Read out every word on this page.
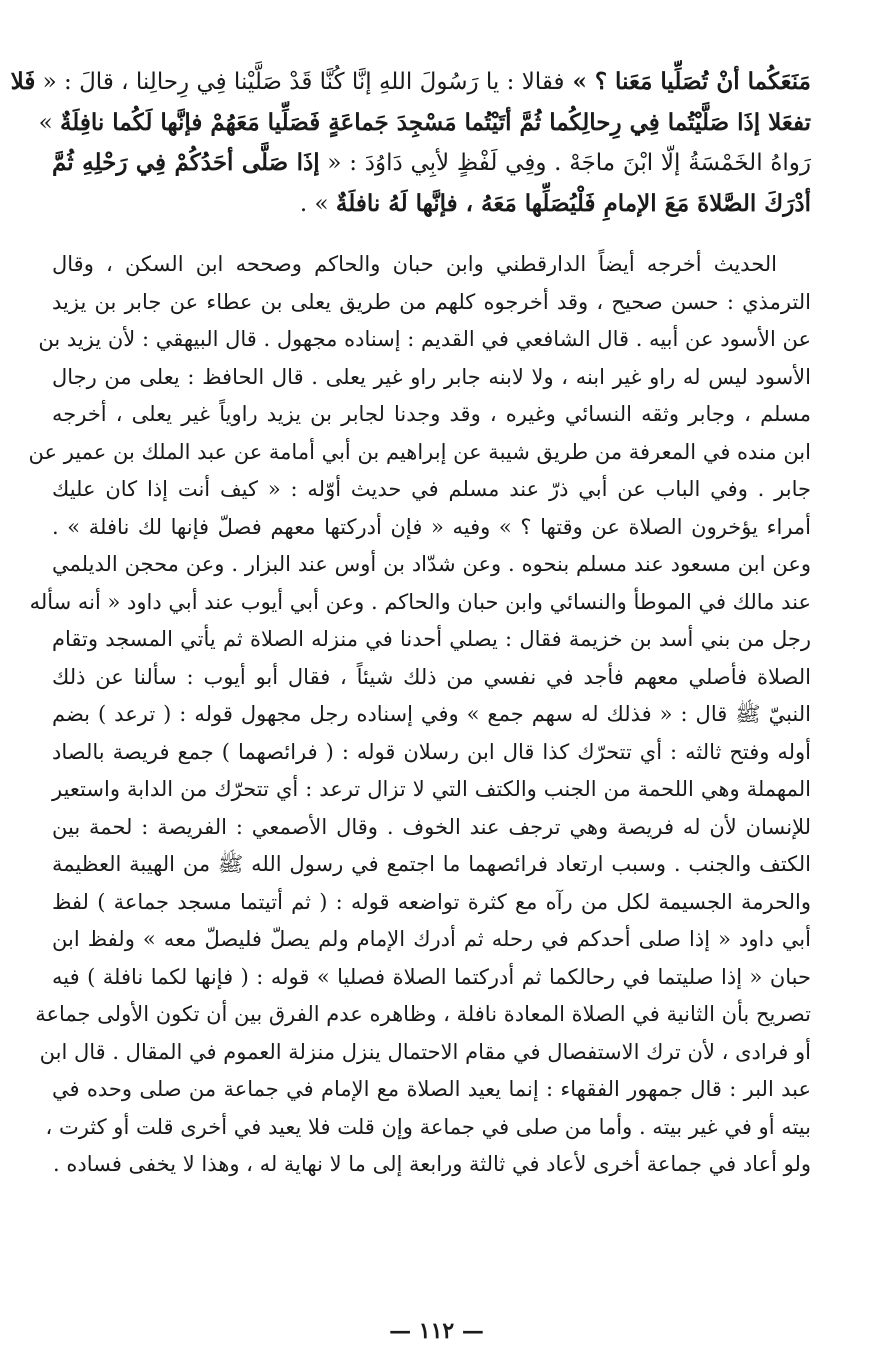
مَنَعَكُما أنْ تُصَلِّيا مَعَنا ؟ » فقالا : يا رَسُولَ اللهِ إنَّا كُنَّا قَدْ صَلَّيْنا فِي رِحالِنا ، قالَ : « فَلا
تفعَلا إذَا صَلَّيْتُما فِي رِحالِكُما ثُمَّ أتَيْتُما مَسْجِدَ جَماعَةٍ فَصَلِّيا مَعَهُمْ فإنَّها لَكُما نافِلَةٌ »
رَواهُ الخَمْسَةُ إلّا ابْنَ ماجَهْ . وفِي لَفْظٍ لأبِي دَاوُدَ : « إذَا صَلَّى أحَدُكُمْ فِي رَحْلِهِ ثُمَّ
أدْرَكَ الصَّلاةَ مَعَ الإمامِ فَلْيُصَلِّها مَعَهُ ، فإنَّها لَهُ نافلَةٌ » .
الحديث أخرجه أيضاً الدارقطني وابن حبان والحاكم وصححه ابن السكن ، وقال
الترمذي : حسن صحيح ، وقد أخرجوه كلهم من طريق يعلى بن عطاء عن جابر بن يزيد
عن الأسود عن أبيه . قال الشافعي في القديم : إسناده مجهول . قال البيهقي : لأن يزيد بن
الأسود ليس له راو غير ابنه ، ولا لابنه جابر راو غير يعلى . قال الحافظ : يعلى من رجال
مسلم ، وجابر وثقه النسائي وغيره ، وقد وجدنا لجابر بن يزيد راوياً غير يعلى ، أخرجه
ابن منده في المعرفة من طريق شيبة عن إبراهيم بن أبي أمامة عن عبد الملك بن عمير عن
جابر . وفي الباب عن أبي ذرّ عند مسلم في حديث أوّله : « كيف أنت إذا كان عليك
أمراء يؤخرون الصلاة عن وقتها ؟ » وفيه « فإن أدركتها معهم فصلّ فإنها لك نافلة » .
وعن ابن مسعود عند مسلم بنحوه . وعن شدّاد بن أوس عند البزار . وعن محجن الديلمي
عند مالك في الموطأ والنسائي وابن حبان والحاكم . وعن أبي أيوب عند أبي داود « أنه سأله
رجل من بني أسد بن خزيمة فقال : يصلي أحدنا في منزله الصلاة ثم يأتي المسجد وتقام
الصلاة فأصلي معهم فأجد في نفسي من ذلك شيئاً ، فقال أبو أيوب : سألنا عن ذلك
النبيّ ﷺ قال : « فذلك له سهم جمع » وفي إسناده رجل مجهول قوله : ( ترعد ) بضم
أوله وفتح ثالثه : أي تتحرّك كذا قال ابن رسلان قوله : ( فرائصهما ) جمع فريصة بالصاد
المهملة وهي اللحمة من الجنب والكتف التي لا تزال ترعد : أي تتحرّك من الدابة واستعير
للإنسان لأن له فريصة وهي ترجف عند الخوف . وقال الأصمعي : الفريصة : لحمة بين
الكتف والجنب . وسبب ارتعاد فرائصهما ما اجتمع في رسول الله ﷺ من الهيبة العظيمة
والحرمة الجسيمة لكل من رآه مع كثرة تواضعه قوله : ( ثم أتيتما مسجد جماعة ) لفظ
أبي داود « إذا صلى أحدكم في رحله ثم أدرك الإمام ولم يصلّ فليصلّ معه » ولفظ ابن
حبان « إذا صليتما في رحالكما ثم أدركتما الصلاة فصليا » قوله : ( فإنها لكما نافلة ) فيه
تصريح بأن الثانية في الصلاة المعادة نافلة ، وظاهره عدم الفرق بين أن تكون الأولى جماعة
أو فرادى ، لأن ترك الاستفصال في مقام الاحتمال ينزل منزلة العموم في المقال . قال ابن
عبد البر : قال جمهور الفقهاء : إنما يعيد الصلاة مع الإمام في جماعة من صلى وحده في
بيته أو في غير بيته . وأما من صلى في جماعة وإن قلت فلا يعيد في أخرى قلت أو كثرت ،
ولو أعاد في جماعة أخرى لأعاد في ثالثة ورابعة إلى ما لا نهاية له ، وهذا لا يخفى فساده .
— ١١٢ —
